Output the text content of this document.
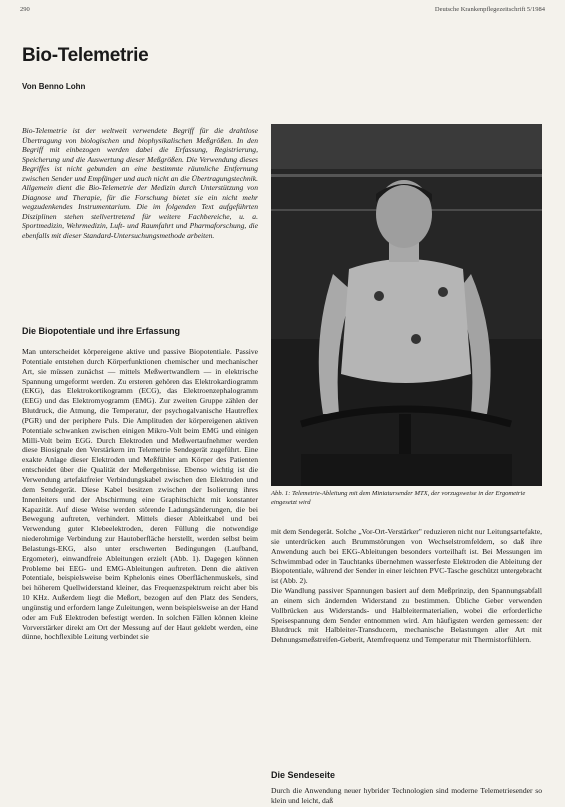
290	Deutsche Krankenpflegezeitschrift 5/1984
Bio-Telemetrie
Von Benno Lohn

Bio-Telemetrie ist der weltweit verwendete Begriff für die drahtlose Übertragung von biologischen und biophysikalischen Meßgrößen. In den Begriff mit einbezogen werden dabei die Erfassung, Registrierung, Speicherung und die Auswertung dieser Meßgrößen. Die Verwendung dieses Begriffes ist nicht gebunden an eine bestimmte räumliche Entfernung zwischen Sender und Empfänger und auch nicht an die Übertragungstechnik. Allgemein dient die Bio-Telemetrie der Medizin durch Unterstützung von Diagnose und Therapie, für die Forschung bietet sie ein nicht mehr wegzudenkendes Instrumentarium. Die im folgenden Text aufgeführten Disziplinen stehen stellvertretend für weitere Fachbereiche, u. a. Sportmedizin, Wehrmedizin, Luft- und Raumfahrt und Pharmaforschung, die ebenfalls mit dieser Standard-Untersuchungsmethode arbeiten.

Abb. 1: Telemetrie-Ableitung mit dem Miniatursender MTX, der vorzugsweise in der Ergometrie eingesetzt wird
Die Biopotentiale und ihre Erfassung

Man unterscheidet körpereigene aktive und passive Biopotentiale. Passive Potentiale entstehen durch Körperfunktionen chemischer und mechanischer Art, sie müssen zunächst — mittels Meßwertwandlern — in elektrische Spannung umgeformt werden. Zu ersteren gehören das Elektrokardiogramm (EKG), das Elektrokortikogramm (ECG), das Elektroenzephalogramm (EEG) und das Elektromyogramm (EMG). Zur zweiten Gruppe zählen der Blutdruck, die Atmung, die Temperatur, der psychogalvanische Hautreflex (PGR) und der periphere Puls. Die Amplituden der körpereigenen aktiven Potentiale schwanken zwischen einigen Mikro-Volt beim EMG und einigen Milli-Volt beim EGG. Durch Elektroden und Meßwertaufnehmer werden diese Biosignale den Verstärkern im Telemetrie Sendegerät zugeführt. Eine exakte Anlage dieser Elektroden und Meßfühler am Körper des Patienten entscheidet über die Qualität der Meßergebnisse. Ebenso wichtig ist die Verwendung artefaktfreier Verbindungskabel zwischen den Elektroden und dem Sendegerät. Diese Kabel besitzen zwischen der Isolierung ihres Innenleiters und der Abschirmung eine Graphitschicht mit konstanter Kapazität. Auf diese Weise werden störende Ladungsänderungen, die bei Bewegung auftreten, verhindert. Mittels dieser Ableitkabel und bei Verwendung guter Klebeelektroden, deren Füllung die notwendige niederohmige Verbindung zur Hautoberfläche herstellt, werden selbst beim Belastungs-EKG, also unter erschwerten Bedingungen (Laufband, Ergometer), einwandfreie Ableitungen erzielt (Abb. 1). Dagegen können Probleme bei EEG- und EMG-Ableitungen auftreten. Denn die aktiven Potentiale, beispielsweise beim Kphelonis eines Oberflächenmuskels, sind bei höherem Quellwiderstand kleiner, das Frequenzspektrum reicht aber bis 10 KHz. Außerdem liegt die Meßort, bezogen auf den Platz des Senders, ungünstig und erfordern lange Zuleitungen, wenn beispielsweise an der Hand oder am Fuß Elektroden befestigt werden. In solchen Fällen können kleine Vorverstärker direkt am Ort der Messung auf der Haut geklebt werden, eine dünne, hochflexible Leitung verbindet sie

mit dem Sendegerät. Solche „Vor-Ort-Verstärker" reduzieren nicht nur Leitungsartefakte, sie unterdrücken auch Brummstörungen von Wechselstromfeldern, so daß ihre Anwendung auch bei EKG-Ableitungen besonders vorteilhaft ist. Bei Messungen im Schwimmbad oder in Tauchtanks übernehmen wasserfeste Elektroden die Ableitung der Biopotentiale, während der Sender in einer leichten PVC-Tasche geschützt untergebracht ist (Abb. 2).

Die Wandlung passiver Spannungen basiert auf dem Meßprinzip, den Spannungsabfall an einem sich ändernden Widerstand zu bestimmen. Übliche Geber verwenden Vollbrücken aus Widerstands- und Halbleitermaterialien, wobei die erforderliche Speisespannung dem Sender entnommen wird. Am häufigsten werden gemessen: der Blutdruck mit Halbleiter-Transducern, mechanische Belastungen aller Art mit Dehnungsmeßstreifen-Geberit, Atemfrequenz und Temperatur mit Thermistorfühlern.

Die Sendeseite
Durch die Anwendung neuer hybrider Technologien sind moderne Telemetriesender so klein und leicht, daß
